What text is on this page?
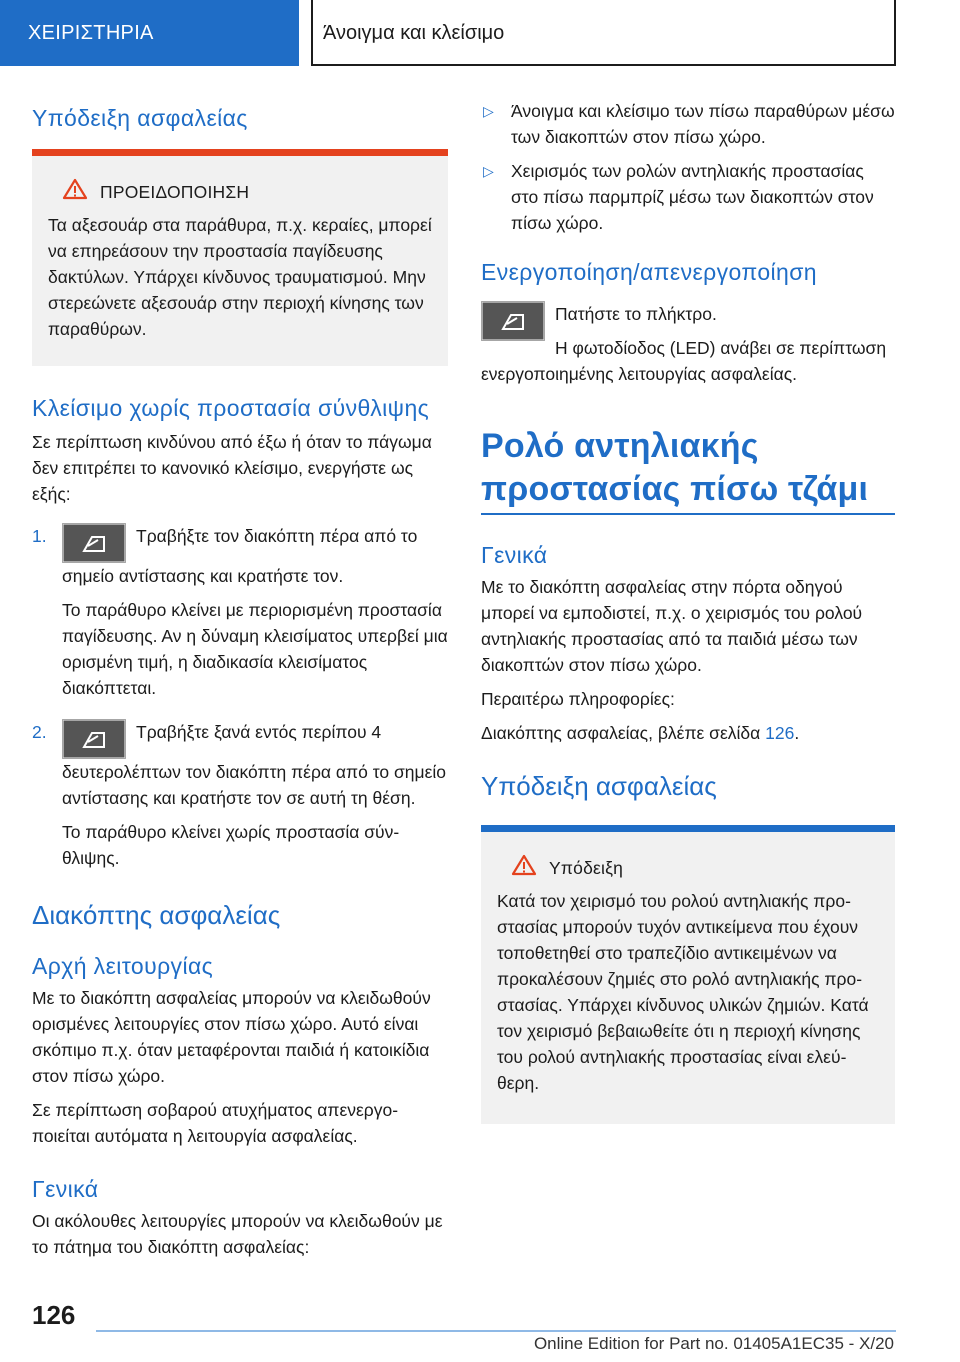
ΧΕΙΡΙΣΤΗΡΙΑ	Άνοιγμα και κλείσιμο
Υπόδειξη ασφαλείας
ΠΡΟΕΙΔΟΠΟΙΗΣΗ
Τα αξεσουάρ στα παράθυρα, π.χ. κεραίες, μπορεί να επηρεάσουν την προστασία παγίδευσης δακτύλων. Υπάρχει κίνδυνος τραυματισμού. Μην στερεώνετε αξεσουάρ στην περιοχή κίνησης των παραθύρων.
Κλείσιμο χωρίς προστασία σύνθλιψης
Σε περίπτωση κινδύνου από έξω ή όταν το πάγωμα δεν επιτρέπει το κανονικό κλείσιμο, ενεργήστε ως εξής:
1.	Τραβήξτε τον διακόπτη πέρα από το σημείο αντίστασης και κρατήστε τον.
Το παράθυρο κλείνει με περιορισμένη προστασία παγίδευσης. Αν η δύναμη κλεισίματος υπερβεί μια ορισμένη τιμή, η διαδικασία κλεισίματος διακόπτεται.
2.	Τραβήξτε ξανά εντός περίπου 4 δευτερολέπτων τον διακόπτη πέρα από το σημείο αντίστασης και κρατήστε τον σε αυτή τη θέση.
Το παράθυρο κλείνει χωρίς προστασία σύνθλιψης.
Διακόπτης ασφαλείας
Αρχή λειτουργίας
Με το διακόπτη ασφαλείας μπορούν να κλειδωθούν ορισμένες λειτουργίες στον πίσω χώρο. Αυτό είναι σκόπιμο π.χ. όταν μεταφέρονται παιδιά ή κατοικίδια στον πίσω χώρο.
Σε περίπτωση σοβαρού ατυχήματος απενεργοποιείται αυτόματα η λειτουργία ασφαλείας.
Γενικά
Οι ακόλουθες λειτουργίες μπορούν να κλειδωθούν με το πάτημα του διακόπτη ασφαλείας:
▷ Άνοιγμα και κλείσιμο των πίσω παραθύρων μέσω των διακοπτών στον πίσω χώρο.
▷ Χειρισμός των ρολών αντηλιακής προστασίας στο πίσω παρμπρίζ μέσω των διακοπτών στον πίσω χώρο.
Ενεργοποίηση/απενεργοποίηση
Πατήστε το πλήκτρο.
Η φωτοδίοδος (LED) ανάβει σε περίπτωση ενεργοποιημένης λειτουργίας ασφαλείας.
Ρολό αντηλιακής προστασίας πίσω τζάμι
Γενικά
Με το διακόπτη ασφαλείας στην πόρτα οδηγού μπορεί να εμποδιστεί, π.χ. ο χειρισμός του ρολού αντηλιακής προστασίας από τα παιδιά μέσω των διακοπτών στον πίσω χώρο.
Περαιτέρω πληροφορίες:
Διακόπτης ασφαλείας, βλέπε σελίδα 126.
Υπόδειξη ασφαλείας
Υπόδειξη
Κατά τον χειρισμό του ρολού αντηλιακής προστασίας μπορούν τυχόν αντικείμενα που έχουν τοποθετηθεί στο τραπεζίδιο αντικειμένων να προκαλέσουν ζημιές στο ρολό αντηλιακής προστασίας. Υπάρχει κίνδυνος υλικών ζημιών. Κατά τον χειρισμό βεβαιωθείτε ότι η περιοχή κίνησης του ρολού αντηλιακής προστασίας είναι ελεύθερη.
126
Online Edition for Part no. 01405A1EC35 - X/20
